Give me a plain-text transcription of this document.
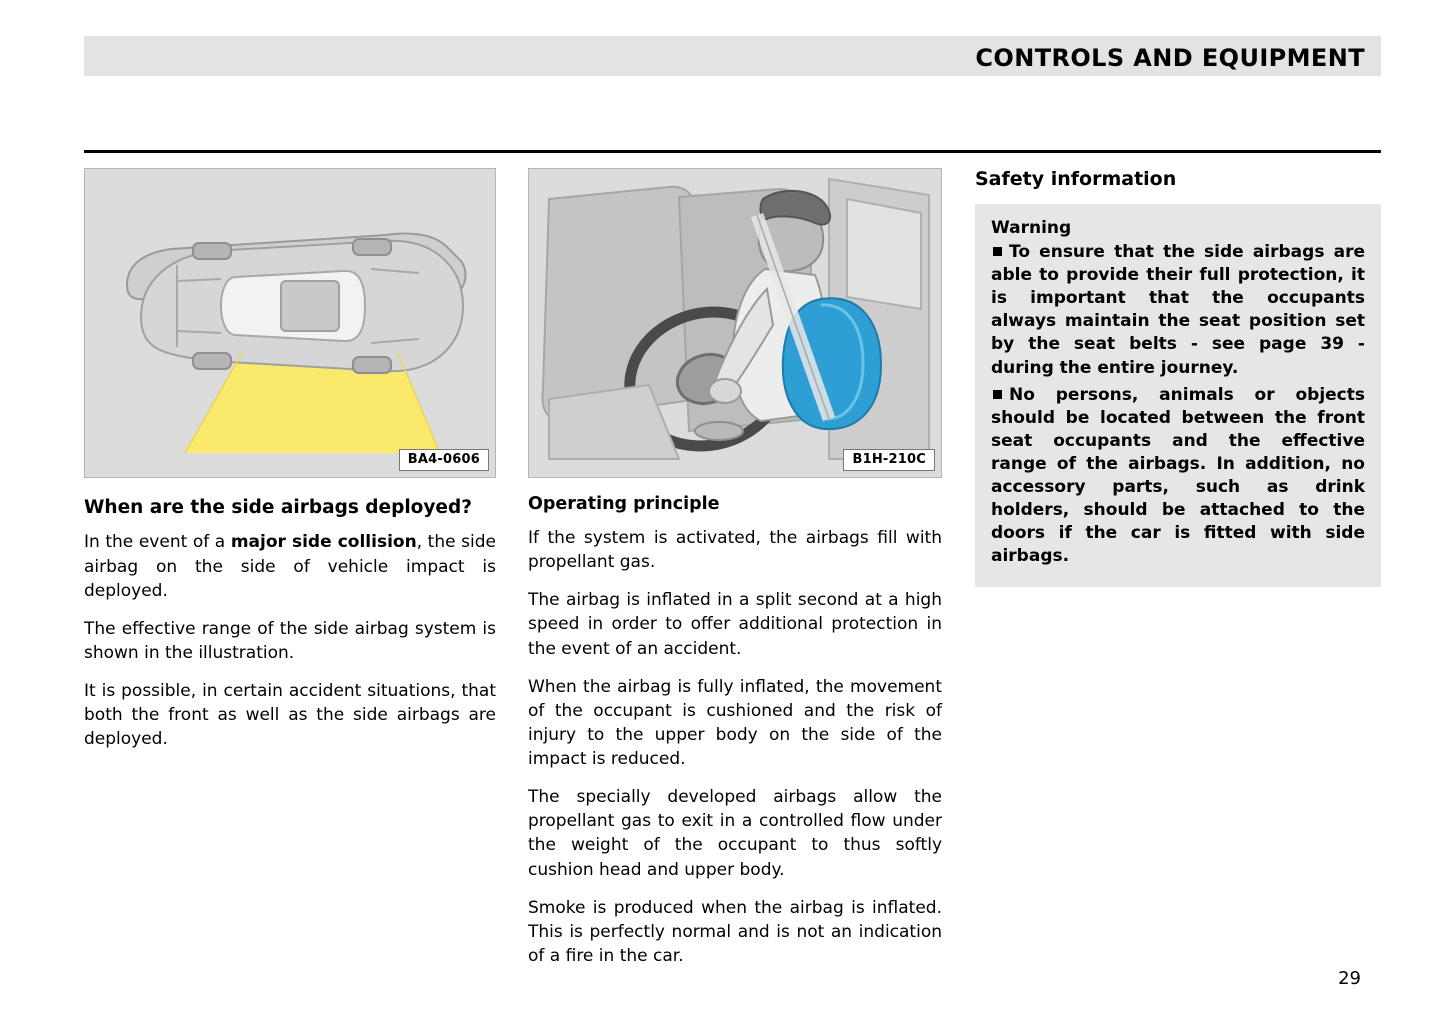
CONTROLS AND EQUIPMENT
BA4-0606
When are the side airbags deployed?

In the event of a major side collision, the side airbag on the side of vehicle impact is deployed.

The effective range of the side airbag system is shown in the illustration.

It is possible, in certain accident situations, that both the front as well as the side airbags are deployed.

B1H-210C
Operating principle

If the system is activated, the airbags fill with propellant gas.

The airbag is inflated in a split second at a high speed in order to offer additional protection in the event of an accident.

When the airbag is fully inflated, the movement of the occupant is cushioned and the risk of injury to the upper body on the side of the impact is reduced.

The specially developed airbags allow the propellant gas to exit in a controlled flow under the weight of the occupant to thus softly cushion head and upper body.

Smoke is produced when the airbag is inflated. This is perfectly normal and is not an indication of a fire in the car.

Safety information

Warning

To ensure that the side airbags are able to provide their full protection, it is important that the occupants always maintain the seat position set by the seat belts - see page 39 - during the entire journey.

No persons, animals or objects should be located between the front seat occupants and the effective range of the airbags. In addition, no accessory parts, such as drink holders, should be attached to the doors if the car is fitted with side airbags.

29
